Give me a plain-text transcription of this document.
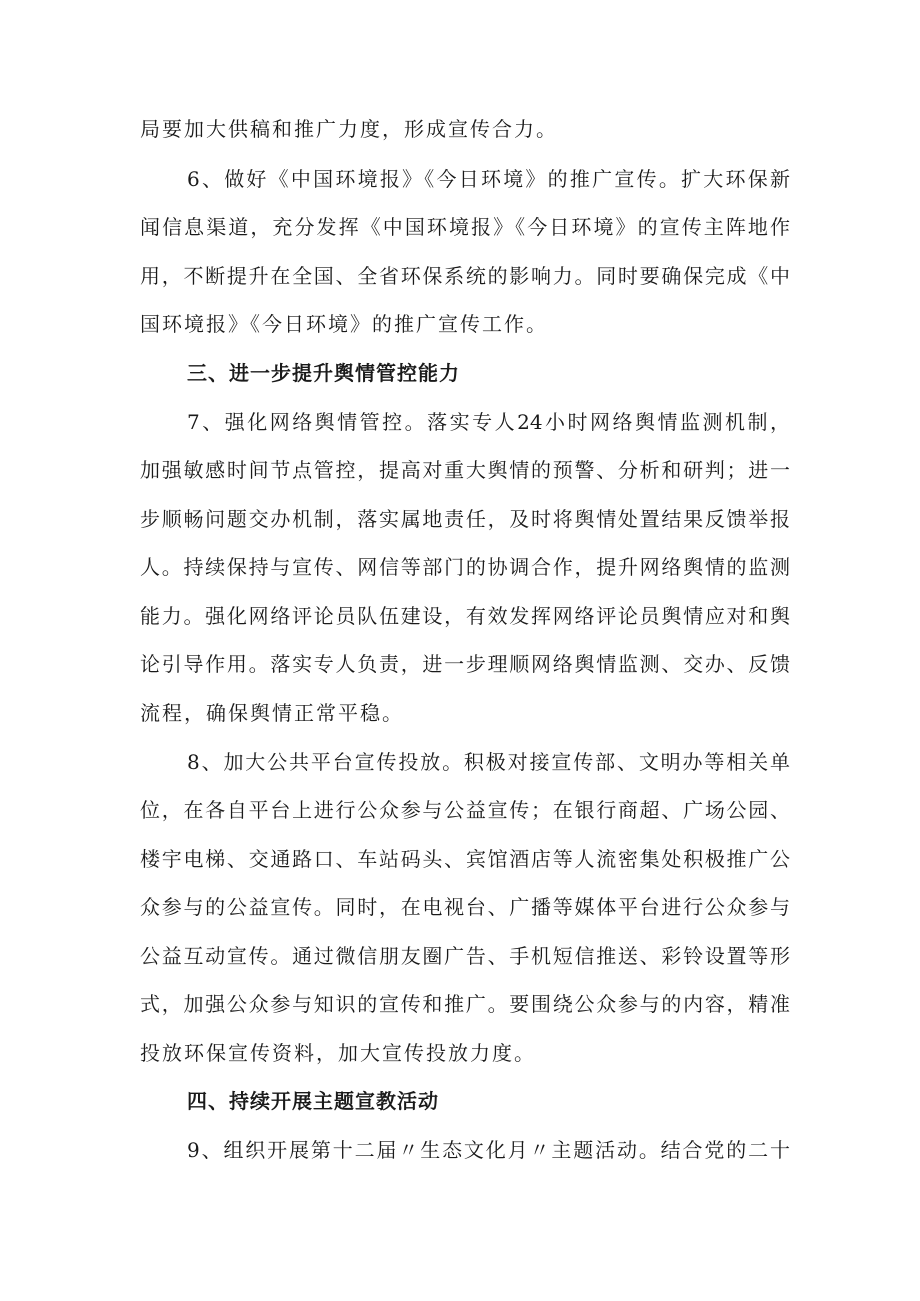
局要加大供稿和推广力度，形成宣传合力。
6、做好《中国环境报》《今日环境》的推广宣传。扩大环保新
闻信息渠道，充分发挥《中国环境报》《今日环境》的宣传主阵地作
用，不断提升在全国、全省环保系统的影响力。同时要确保完成《中
国环境报》《今日环境》的推广宣传工作。
三、进一步提升舆情管控能力
7、强化网络舆情管控。落实专人24小时网络舆情监测机制，
加强敏感时间节点管控，提高对重大舆情的预警、分析和研判；进一
步顺畅问题交办机制，落实属地责任，及时将舆情处置结果反馈举报
人。持续保持与宣传、网信等部门的协调合作，提升网络舆情的监测
能力。强化网络评论员队伍建设，有效发挥网络评论员舆情应对和舆
论引导作用。落实专人负责，进一步理顺网络舆情监测、交办、反馈
流程，确保舆情正常平稳。
8、加大公共平台宣传投放。积极对接宣传部、文明办等相关单
位，在各自平台上进行公众参与公益宣传；在银行商超、广场公园、
楼宇电梯、交通路口、车站码头、宾馆酒店等人流密集处积极推广公
众参与的公益宣传。同时，在电视台、广播等媒体平台进行公众参与
公益互动宣传。通过微信朋友圈广告、手机短信推送、彩铃设置等形
式，加强公众参与知识的宣传和推广。要围绕公众参与的内容，精准
投放环保宣传资料，加大宣传投放力度。
四、持续开展主题宣教活动
9、组织开展第十二届〃生态文化月〃主题活动。结合党的二十
